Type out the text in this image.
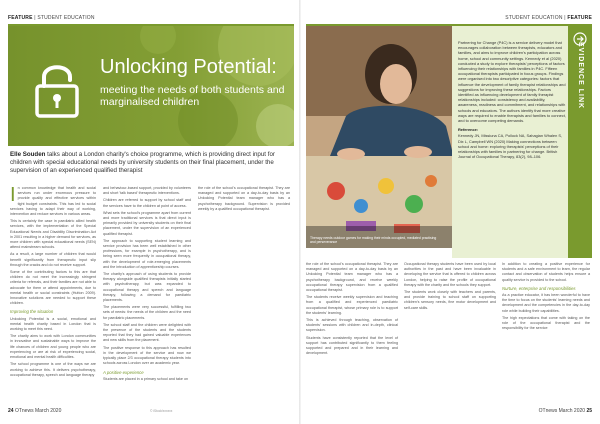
FEATURE | STUDENT EDUCATION
Unlocking Potential:
meeting the needs of both students and marginalised children
Elle Souden talks about a London charity's choice programme, which is providing direct input for children with special educational needs by university students on their final placement, under the supervision of an experienced qualified therapist

In common knowledge that health and social services run under enormous pressure to provide quality and effective services within tight budget constraints. This has led to social services having to adapt their way of working, intervention and reduce services in various areas.

This is certainly the case in paediatric allied health services, with the implementation of the Special Educational Needs and Disability Discrimination Act in 2001 resulting in a higher demand for services, as more children with special educational needs (SEN) attend mainstream schools.

As a result, a large number of children that would benefit significantly from therapeutic input slip through the cracks and do not receive support.

Some of the contributing factors to this are that children do not meet the increasingly stringent criteria for referrals, and their families are not able to advocate for them or attend appointments, due to mental health or social constraints (Hutton 2009). Innovative solutions are needed to support these children.

Improving the situation

Unlocking Potential is a social, emotional and mental health charity based in London that is working to meet this need.

The charity aims to work with London communities in innovative and sustainable ways to improve the life chances of children and young people who are experiencing or are at risk of experiencing social, emotional and mental health difficulties.

The school programme is one of the ways we are working to achieve this. It delivers psychotherapy, occupational therapy, speech and language therapy

and behaviour-based support, provided by volunteers and short 'talk based' therapeutic interventions.

Children are referred to support by school staff and the services have to the children at point of access.

What sets the school's programme apart from current and more traditional services is that direct input is primarily provided by university students on their final placement, under the supervision of an experienced qualified therapist.

The approach to supporting student learning and service provision has been well established in other professions, for example in psychotherapy, and is being seen more frequently in occupational therapy, with the development of role-emerging placements and the introduction of apprenticeship courses.

The charity's approach of using students to provide therapy alongside qualified therapists initially started with psychotherapy, but was expanded to occupational therapy and speech and language therapy, following a demand for paediatric placements.

The placements were very successful, fulfilling two sets of needs: the needs of the children and the need for paediatric placements.

The school staff and the children were delighted with the presence of the students and the students reported that they had gained valuable experiences and new skills from the placement.

The positive response to this approach has resulted in the development of the service and now we typically place 2/3 occupational therapy students into schools across London over an academic year.

A positive experience

Students are placed in a primary school and take on

the role of the school's occupational therapist. They are managed and supported on a day-to-day basis by an Unlocking Potential team manager who has a psychotherapy background. Supervision is provided weekly by a qualified occupational therapist.

24 OTnews March 2020	© iStock/xxxxxx
STUDENT EDUCATION | FEATURE
Therapy needs outdoor games for making their minds occupied, mediated practising and perseverance
EVIDENCE LINK
Partnering for Change (P4C) is a service delivery model that encourages collaboration between therapists, educators and families, and aims to improve children's participation across home, school and community settings. Kennedy et al (2020) conducted a study to explore therapists' perceptions of factors influencing their relationships with families in P4C. Fifteen occupational therapists participated in focus groups. Findings were organised into two descriptive categories: factors that influence the development of family therapist relationships and suggestions for improving these relationships. Factors identified as influencing development of family therapist relationships included: consistency and availability, awareness, readiness and commitment, and relationships with schools and educators. The authors identify that more creative ways are required to enable therapists and families to connect, and to overcome competing demands.
Reference:
Kennedy JN, Missiuna CA, Pollock NA, Sahagian Whalen S, Dix L, Campbell WN (2020) Making connections between school and home: exploring therapists' perceptions of their relationships with families in partnering for change. British Journal of Occupational Therapy, 83(2), 98–106.

the role of the school's occupational therapist. They are managed and supported on a day-to-day basis by an Unlocking Potential team manager who has a psychotherapy background, and receive weekly occupational therapy supervision from a qualified occupational therapist.

The students receive weekly supervision and teaching from a qualified and experienced paediatric occupational therapist, whose primary role is to support the students' learning.

This is achieved through teaching, observation of students' sessions with children and in-depth, clinical supervision.

Students have consistently reported that the level of support has contributed significantly to them feeling supported and prepared and in their learning and development.

Occupational therapy students have been used by local authorities in the past and have been invaluable in developing the service that is offered to children across London, helping to raise the profile of occupational therapy with the charity and the schools they support.

The students work closely with teachers and parents, and provide training to school staff on supporting children's sensory needs, fine motor development and self-care skills.

In addition to creating a positive experience for students and a safe environment to learn, the regular contact and observation of students helps ensure a quality service is provided to the school.

Nurture, enterprise and responsibilities

As a practice educator, it has been wonderful to have the time to focus on the students' learning needs and development and the competencies in the day-to-day role while building their capabilities.

The high expectations that come with taking on the role of the occupational therapist and the responsibility for the service

OTnews March 2020 25
